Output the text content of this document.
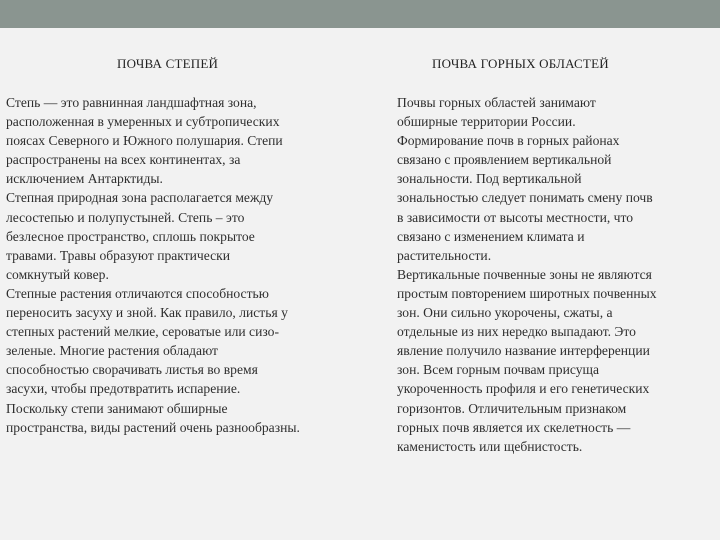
ПОЧВА СТЕПЕЙ	ПОЧВА ГОРНЫХ ОБЛАСТЕЙ
Степь — это равнинная ландшафтная зона,
расположенная в умеренных и субтропических
поясах Северного и Южного полушария. Степи
распространены на всех континентах, за
исключением Антарктиды.
Степная природная зона располагается между
лесостепью и полупустыней. Степь – это
безлесное пространство, сплошь покрытое
травами. Травы образуют практически
сомкнутый ковер.
Степные растения отличаются способностью
переносить засуху и зной. Как правило, листья у
степных растений мелкие, сероватые или сизо-
зеленые. Многие растения обладают
способностью сворачивать листья во время
засухи, чтобы предотвратить испарение.
Поскольку степи занимают обширные
пространства, виды растений очень разнообразны.
Почвы горных областей занимают
обширные территории России.
Формирование почв в горных районах
связано с проявлением вертикальной
зональности. Под вертикальной
зональностью следует понимать смену почв
в зависимости от высоты местности, что
связано с изменением климата и
растительности.
Вертикальные почвенные зоны не являются
простым повторением широтных почвенных
зон. Они сильно укорочены, сжаты, а
отдельные из них нередко выпадают. Это
явление получило название интерференции
зон. Всем горным почвам присуща
укороченность профиля и его генетических
горизонтов. Отличительным признаком
горных почв является их скелетность —
каменистость или щебнистость.
